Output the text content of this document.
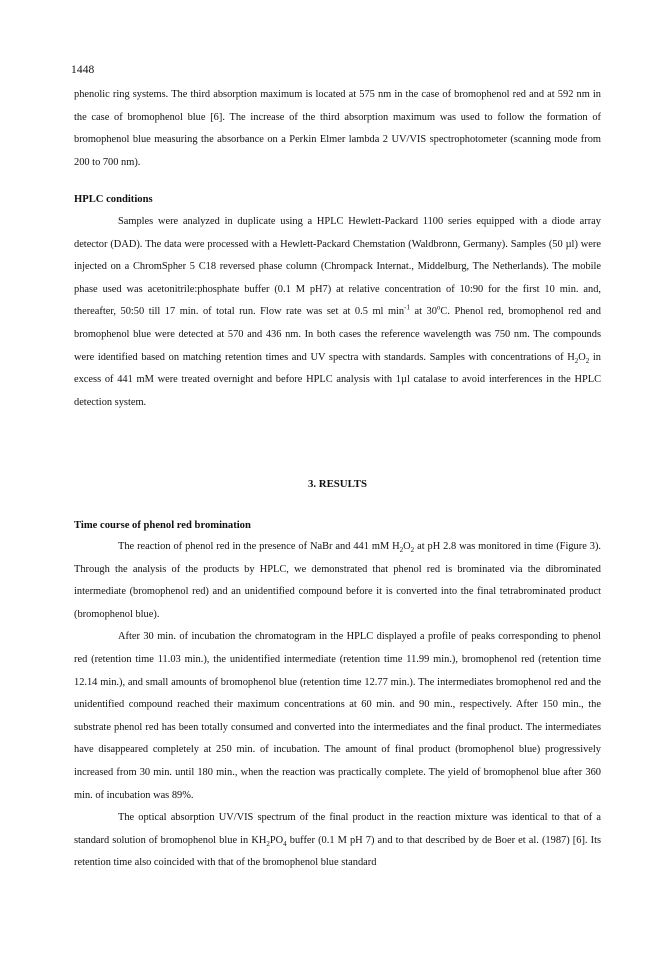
1448

phenolic ring systems. The third absorption maximum is located at 575 nm in the case of bromophenol red and at 592 nm in the case of bromophenol blue [6]. The increase of the third absorption maximum was used to follow the formation of bromophenol blue measuring the absorbance on a Perkin Elmer lambda 2 UV/VIS spectrophotometer (scanning mode from 200 to 700 nm).

HPLC conditions

Samples were analyzed in duplicate using a HPLC Hewlett-Packard 1100 series equipped with a diode array detector (DAD). The data were processed with a Hewlett-Packard Chemstation (Waldbronn, Germany). Samples (50 µl) were injected on a ChromSpher 5 C18 reversed phase column (Chrompack Internat., Middelburg, The Netherlands). The mobile phase used was acetonitrile:phosphate buffer (0.1 M pH7) at relative concentration of 10:90 for the first 10 min. and, thereafter, 50:50 till 17 min. of total run. Flow rate was set at 0.5 ml $\min^{-1}$ at 30$^o$C. Phenol red, bromophenol red and bromophenol blue were detected at 570 and 436 nm. In both cases the reference wavelength was 750 nm. The compounds were identified based on matching retention times and UV spectra with standards. Samples with concentrations of $H_2O_2$ in excess of 441 mM were treated overnight and before HPLC analysis with 1µl catalase to avoid interferences in the HPLC detection system.

3. RESULTS
Time course of phenol red bromination

The reaction of phenol red in the presence of NaBr and 441 mM $H_2O_2$ at pH 2.8 was monitored in time (Figure 3). Through the analysis of the products by HPLC, we demonstrated that phenol red is brominated via the dibrominated intermediate (bromophenol red) and an unidentified compound before it is converted into the final tetrabrominated product (bromophenol blue).

After 30 min. of incubation the chromatogram in the HPLC displayed a profile of peaks corresponding to phenol red (retention time 11.03 min.), the unidentified intermediate (retention time 11.99 min.), bromophenol red (retention time 12.14 min.), and small amounts of bromophenol blue (retention time 12.77 min.). The intermediates bromophenol red and the unidentified compound reached their maximum concentrations at 60 min. and 90 min., respectively. After 150 min., the substrate phenol red has been totally consumed and converted into the intermediates and the final product. The intermediates have disappeared completely at 250 min. of incubation. The amount of final product (bromophenol blue) progressively increased from 30 min. until 180 min., when the reaction was practically complete. The yield of bromophenol blue after 360 min. of incubation was 89%.

The optical absorption UV/VIS spectrum of the final product in the reaction mixture was identical to that of a standard solution of bromophenol blue in $KH_2PO_4$ buffer (0.1 M pH 7) and to that described by de Boer et al. (1987) [6]. Its retention time also coincided with that of the bromophenol blue standard
